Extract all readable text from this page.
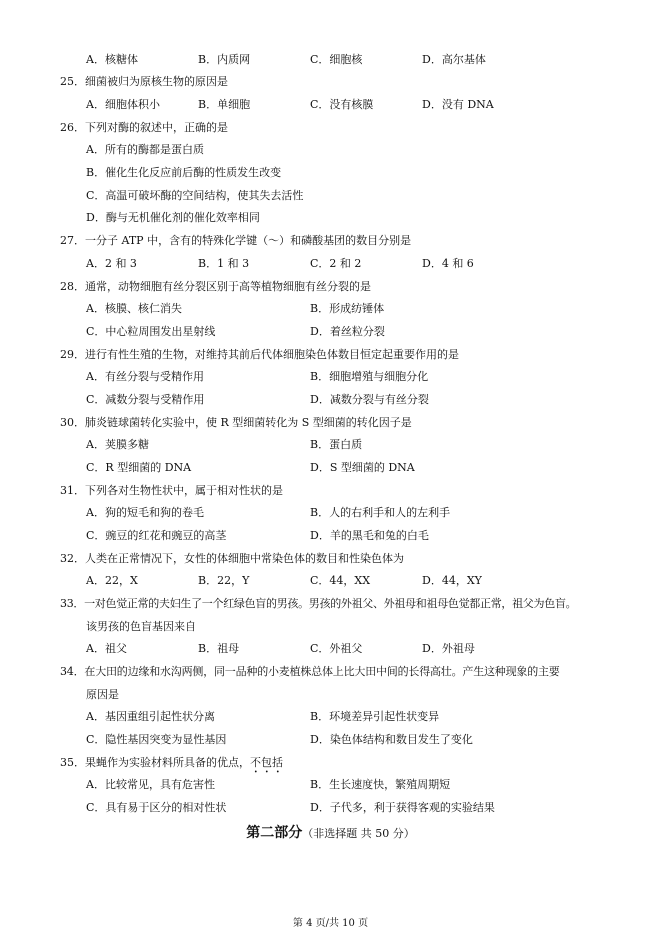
A．核糖体	B．内质网	C．细胞核	D．高尔基体
25．细菌被归为原核生物的原因是
A．细胞体积小	B．单细胞	C．没有核膜	D．没有 DNA
26．下列对酶的叙述中，正确的是
A．所有的酶都是蛋白质
B．催化生化反应前后酶的性质发生改变
C．高温可破坏酶的空间结构，使其失去活性
D．酶与无机催化剂的催化效率相同
27．一分子 ATP 中，含有的特殊化学键（～）和磷酸基团的数目分别是
A．2 和 3	B．1 和 3	C．2 和 2	D．4 和 6
28．通常，动物细胞有丝分裂区别于高等植物细胞有丝分裂的是
A．核膜、核仁消失	B．形成纺锤体
C．中心粒周围发出星射线	D．着丝粒分裂
29．进行有性生殖的生物，对维持其前后代体细胞染色体数目恒定起重要作用的是
A．有丝分裂与受精作用	B．细胞增殖与细胞分化
C．减数分裂与受精作用	D．减数分裂与有丝分裂
30．肺炎链球菌转化实验中，使 R 型细菌转化为 S 型细菌的转化因子是
A．荚膜多糖	B．蛋白质
C．R 型细菌的 DNA	D．S 型细菌的 DNA
31．下列各对生物性状中，属于相对性状的是
A．狗的短毛和狗的卷毛	B．人的右利手和人的左利手
C．豌豆的红花和豌豆的高茎	D．羊的黑毛和兔的白毛
32．人类在正常情况下，女性的体细胞中常染色体的数目和性染色体为
A．22，X	B．22，Y	C．44，XX	D．44，XY
33．一对色觉正常的夫妇生了一个红绿色盲的男孩。男孩的外祖父、外祖母和祖母色觉都正常，祖父为色盲。
该男孩的色盲基因来自
A．祖父	B．祖母	C．外祖父	D．外祖母
34．在大田的边缘和水沟两侧，同一品种的小麦植株总体上比大田中间的长得高壮。产生这种现象的主要
原因是
A．基因重组引起性状分离	B．环境差异引起性状变异
C．隐性基因突变为显性基因	D．染色体结构和数目发生了变化
35．果蝇作为实验材料所具备的优点，不包括
A．比较常见，具有危害性	B．生长速度快，繁殖周期短
C．具有易于区分的相对性状	D．子代多，利于获得客观的实验结果
第二部分（非选择题 共 50 分）
第 4 页/共 10 页
